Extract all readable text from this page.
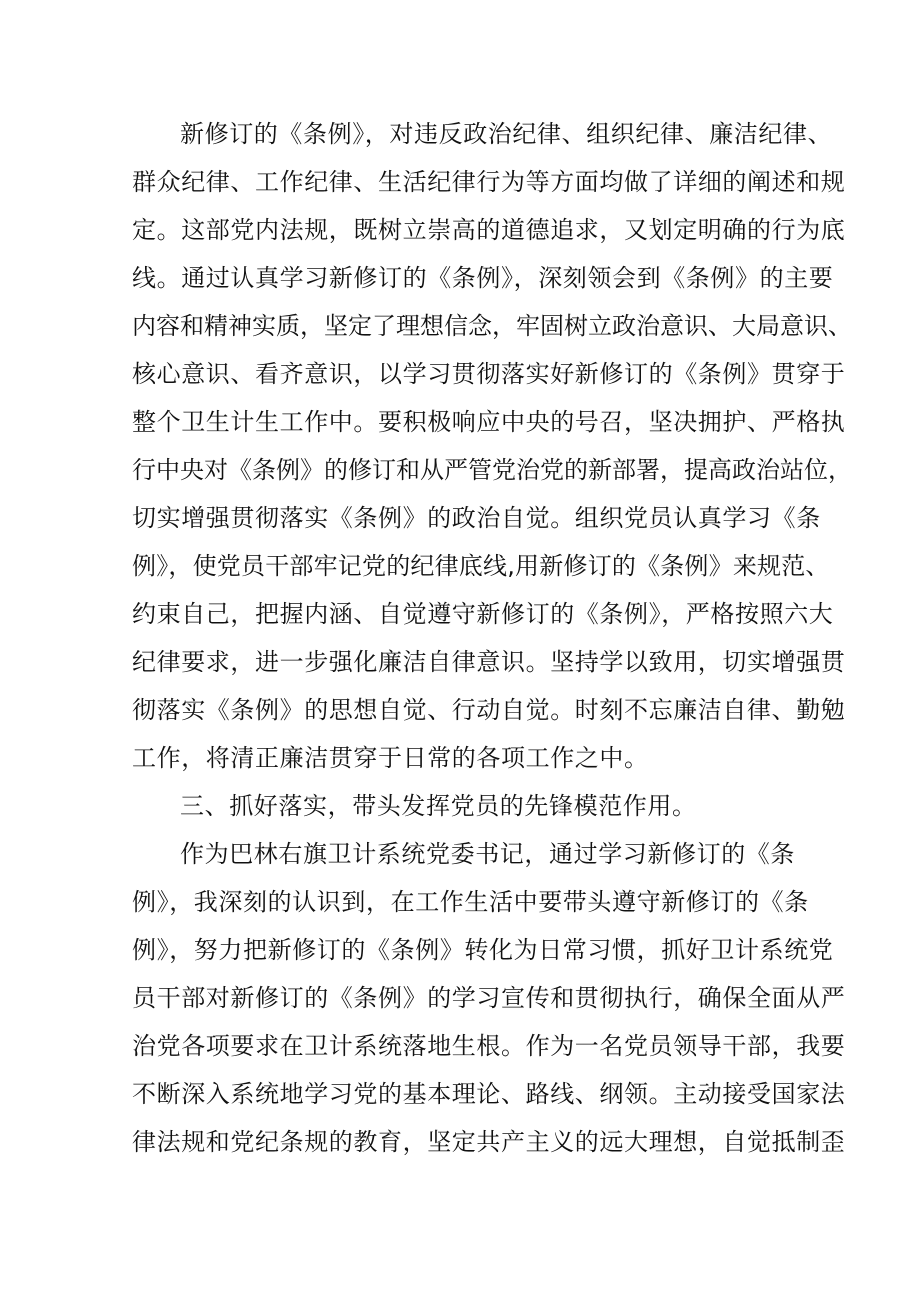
新修订的《条例》，对违反政治纪律、组织纪律、廉洁纪律、
群众纪律、工作纪律、生活纪律行为等方面均做了详细的阐述和规
定。这部党内法规，既树立崇高的道德追求，又划定明确的行为底
线。通过认真学习新修订的《条例》，深刻领会到《条例》的主要
内容和精神实质，坚定了理想信念，牢固树立政治意识、大局意识、
核心意识、看齐意识，以学习贯彻落实好新修订的《条例》贯穿于
整个卫生计生工作中。要积极响应中央的号召，坚决拥护、严格执
行中央对《条例》的修订和从严管党治党的新部署，提高政治站位，
切实增强贯彻落实《条例》的政治自觉。组织党员认真学习《条
例》，使党员干部牢记党的纪律底线,用新修订的《条例》来规范、
约束自己，把握内涵、自觉遵守新修订的《条例》，严格按照六大
纪律要求，进一步强化廉洁自律意识。坚持学以致用，切实增强贯
彻落实《条例》的思想自觉、行动自觉。时刻不忘廉洁自律、勤勉
工作，将清正廉洁贯穿于日常的各项工作之中。
三、抓好落实，带头发挥党员的先锋模范作用。
作为巴林右旗卫计系统党委书记，通过学习新修订的《条
例》，我深刻的认识到，在工作生活中要带头遵守新修订的《条
例》，努力把新修订的《条例》转化为日常习惯，抓好卫计系统党
员干部对新修订的《条例》的学习宣传和贯彻执行，确保全面从严
治党各项要求在卫计系统落地生根。作为一名党员领导干部，我要
不断深入系统地学习党的基本理论、路线、纲领。主动接受国家法
律法规和党纪条规的教育，坚定共产主义的远大理想，自觉抵制歪
